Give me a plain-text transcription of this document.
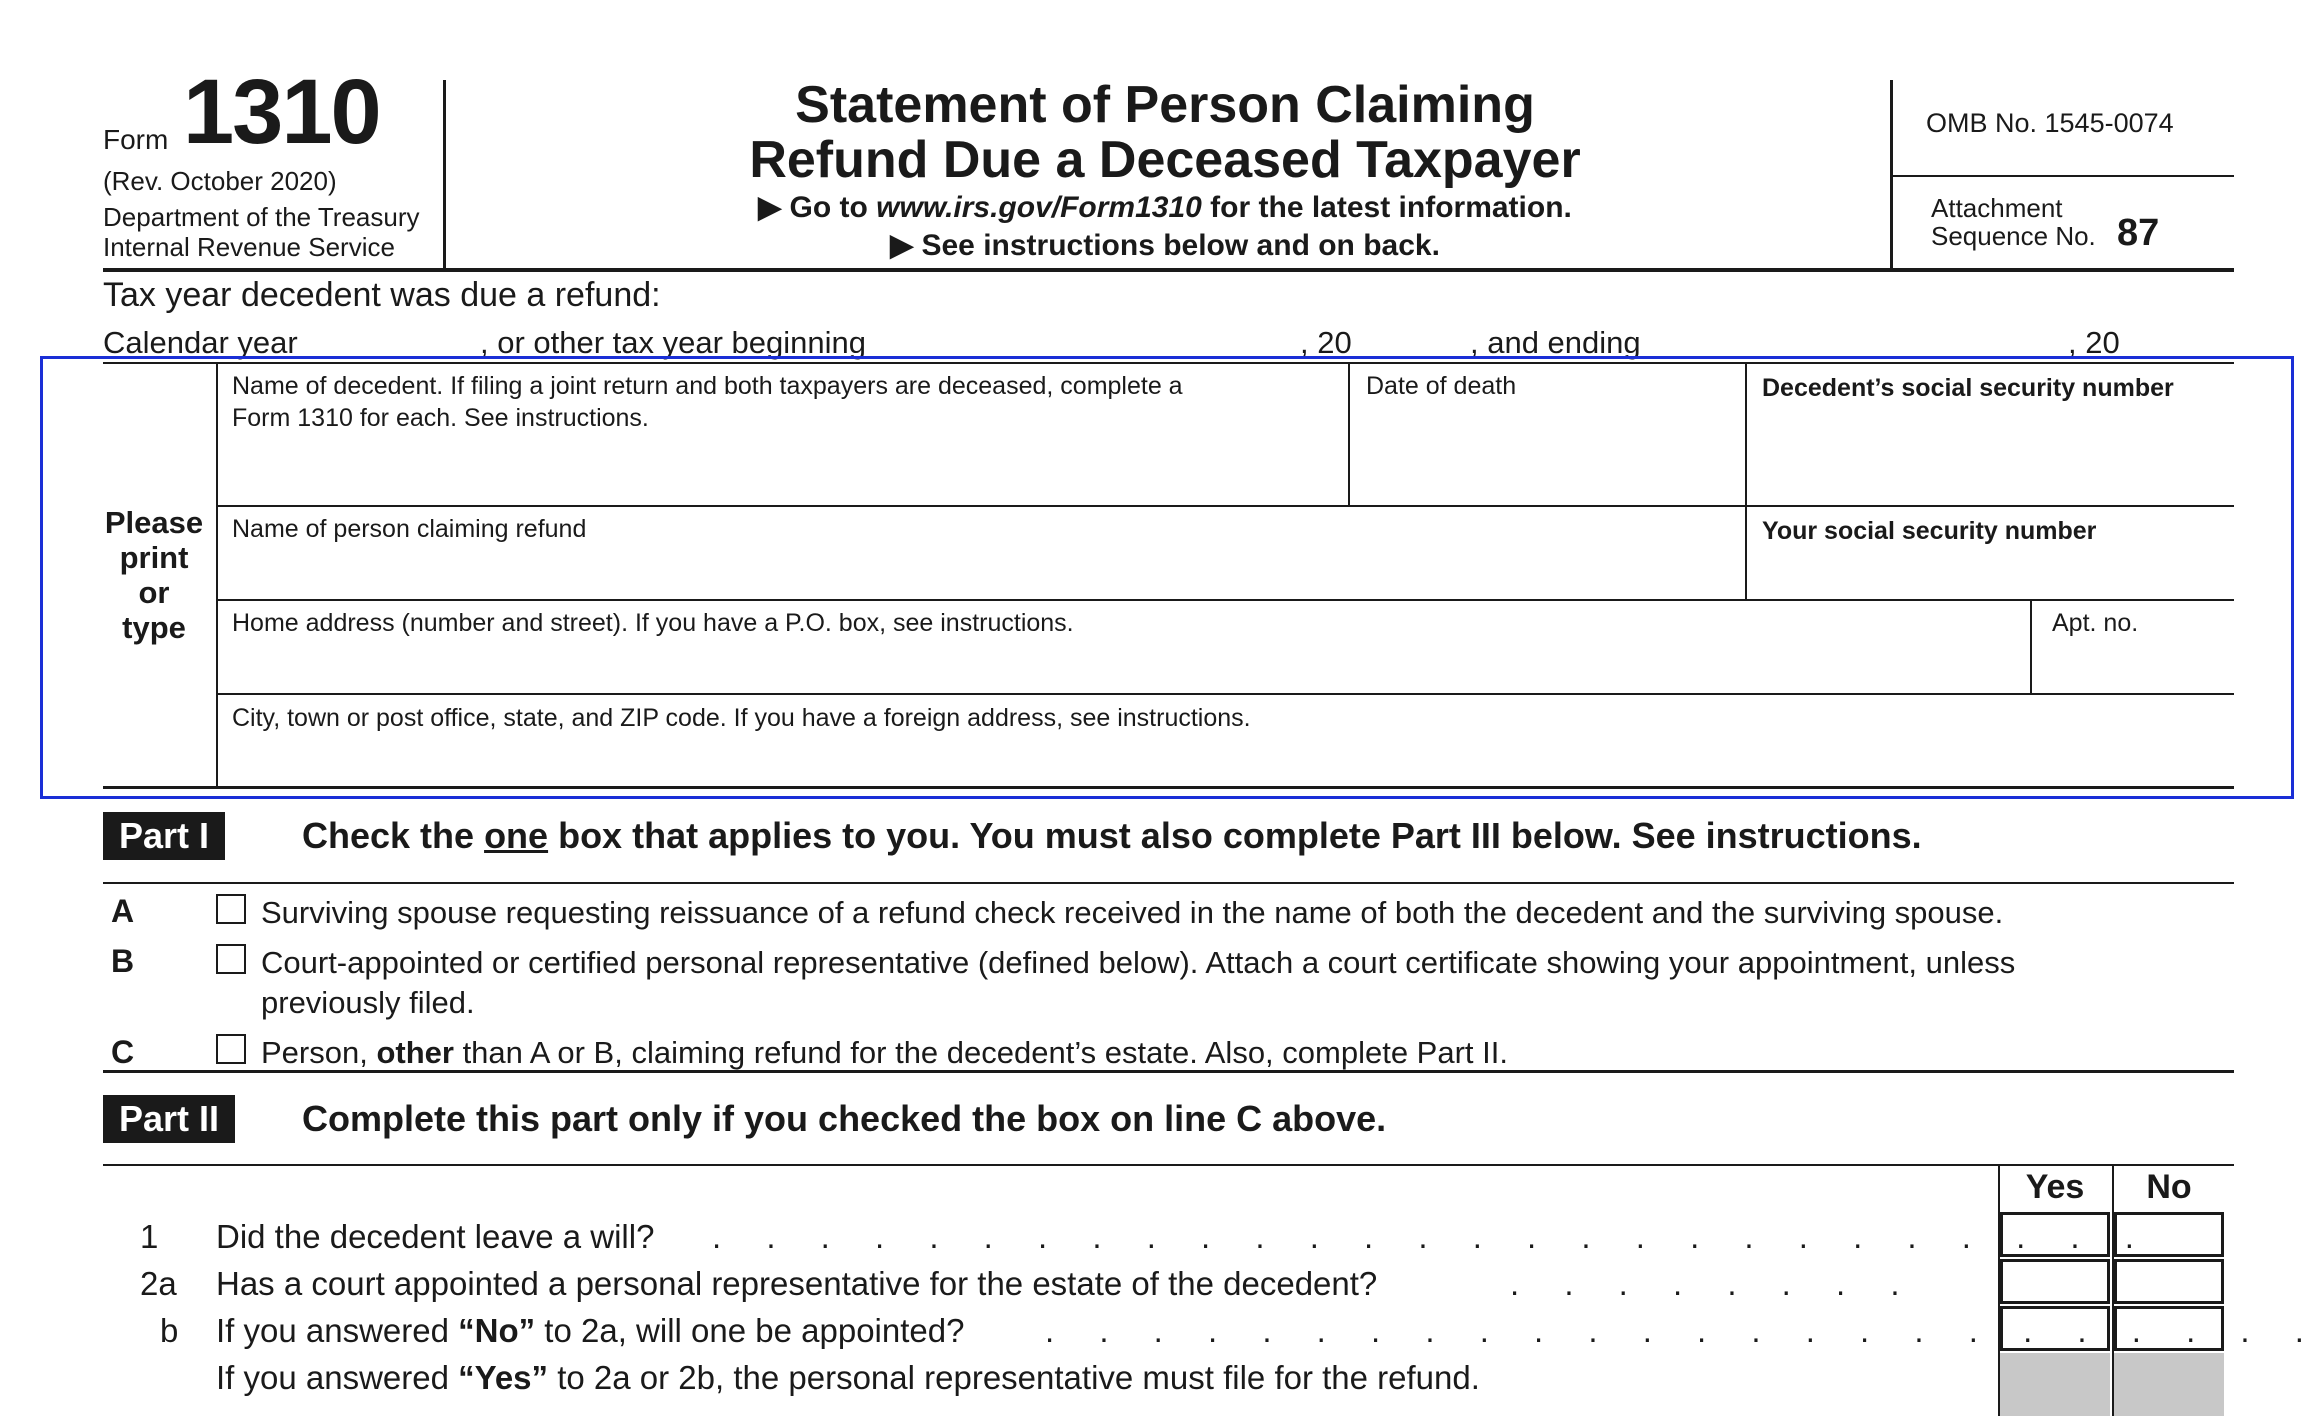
Form 1310
(Rev. October 2020)
Department of the Treasury
Internal Revenue Service
Statement of Person Claiming
Refund Due a Deceased Taxpayer
▶ Go to www.irs.gov/Form1310 for the latest information.
▶ See instructions below and on back.
OMB No. 1545-0074
Attachment
Sequence No. 87
Tax year decedent was due a refund:
Calendar year	, or other tax year beginning	, 20	, and ending	, 20
Please
print
or
type
Name of decedent. If filing a joint return and both taxpayers are deceased, complete a
Form 1310 for each. See instructions.
Date of death	Decedent’s social security number
Name of person claiming refund	Your social security number
Home address (number and street). If you have a P.O. box, see instructions.	Apt. no.
City, town or post office, state, and ZIP code. If you have a foreign address, see instructions.
Part I	Check the one box that applies to you. You must also complete Part III below. See instructions.
A	Surviving spouse requesting reissuance of a refund check received in the name of both the decedent and the surviving spouse.
B	Court-appointed or certified personal representative (defined below). Attach a court certificate showing your appointment, unless
previously filed.
C	Person, other than A or B, claiming refund for the decedent’s estate. Also, complete Part II.
Part II	Complete this part only if you checked the box on line C above.
Yes	No
1 Did the decedent leave a will? . . . . . . . . . . . . . . . . . . . . . . . . . . .
2a Has a court appointed a personal representative for the estate of the decedent?	. . . . . . . .
b If you answered “No” to 2a, will one be appointed? . . . . . . . . . . . . . . . . . . . . . . . .
If you answered “Yes” to 2a or 2b, the personal representative must file for the refund.
